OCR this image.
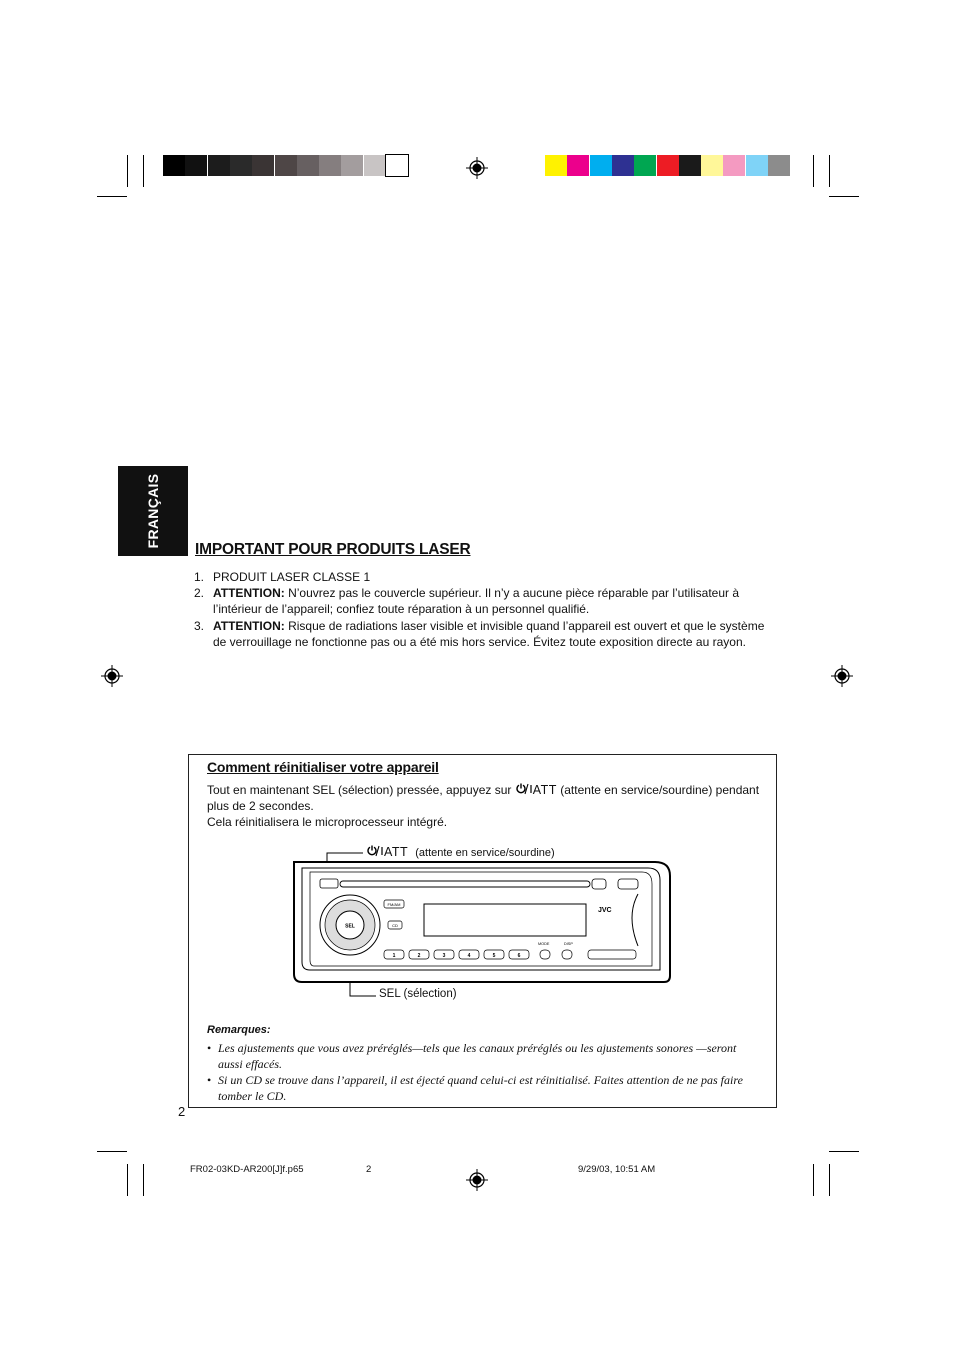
FRANÇAIS
IMPORTANT POUR PRODUITS LASER
1. PRODUIT LASER CLASSE 1
2. ATTENTION: N’ouvrez pas le couvercle supérieur. Il n’y a aucune pièce réparable par l’utilisateur à l’intérieur de l’appareil; confiez toute réparation à un personnel qualifié.
3. ATTENTION: Risque de radiations laser visible et invisible quand l’appareil est ouvert et que le système de verrouillage ne fonctionne pas ou a été mis hors service. Évitez toute exposition directe au rayon.
Comment réinitialiser votre appareil
Tout en maintenant SEL (sélection) pressée, appuyez sur ATT (attente en service/sourdine) pendant plus de 2 secondes.
Cela réinitialisera le microprocesseur intégré.
ATT (attente en service/sourdine)
SEL (sélection)
SEL
FM/AM
CD
JVC
MODE	DISP
1	2	3	4	5	6
Remarques:
• Les ajustements que vous avez préréglés—tels que les canaux préréglés ou les ajustements sonores —seront aussi effacés.
• Si un CD se trouve dans l’appareil, il est éjecté quand celui-ci est réinitialisé. Faites attention de ne pas faire tomber le CD.
2
FR02-03KD-AR200[J]f.p65	2	9/29/03, 10:51 AM
